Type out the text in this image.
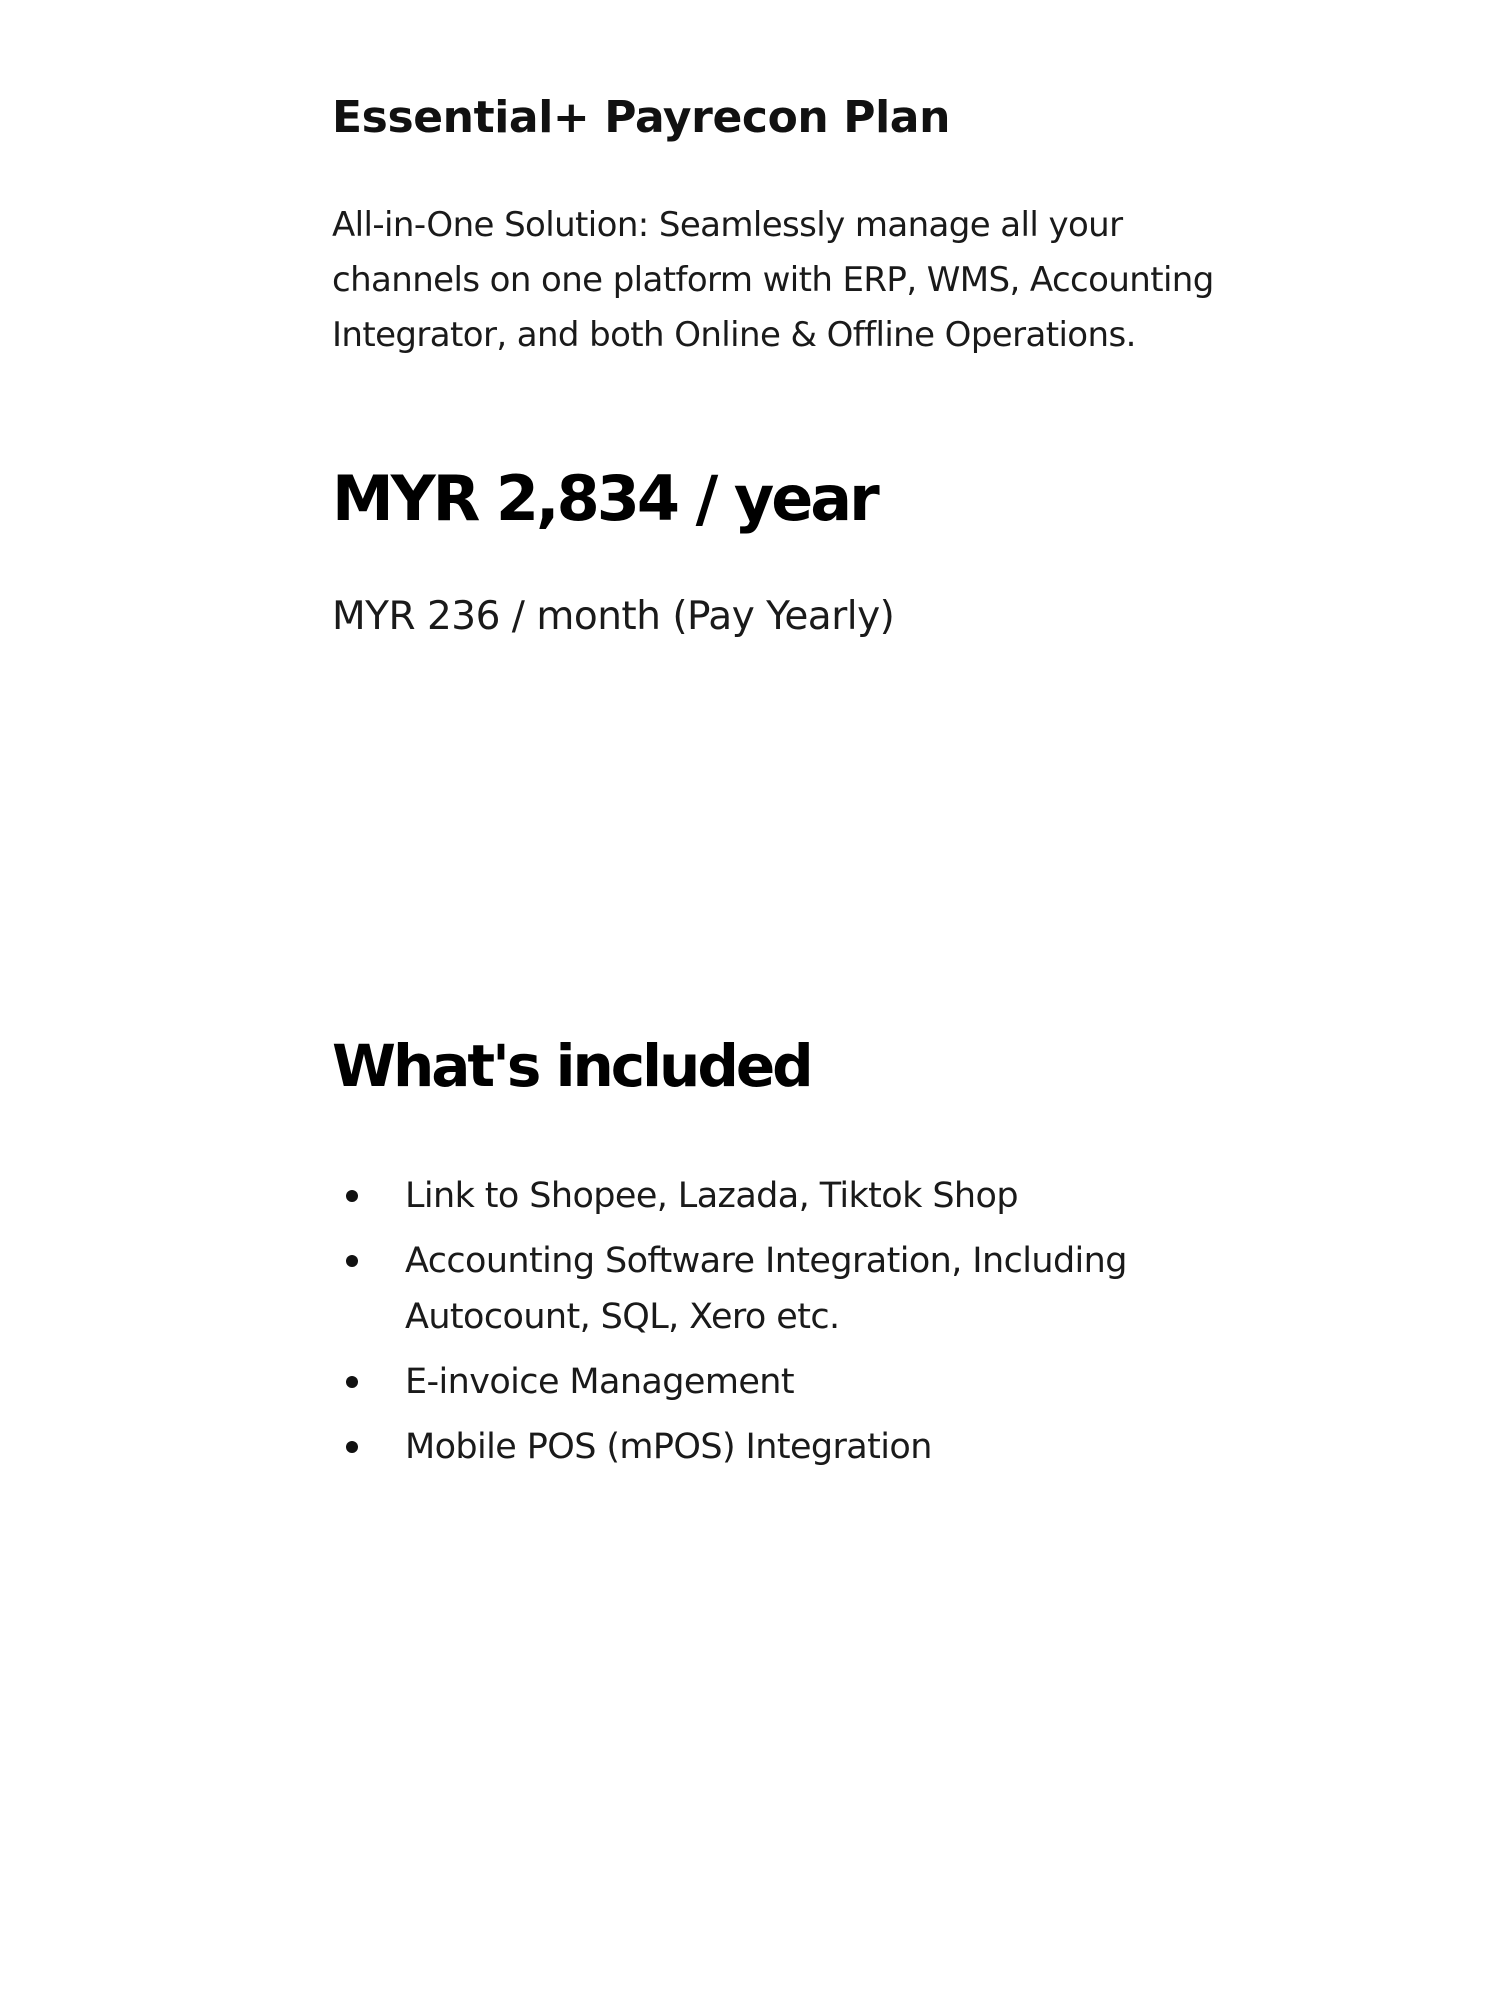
Essential+ Payrecon Plan

All-in-One Solution: Seamlessly manage all your channels on one platform with ERP, WMS, Accounting Integrator, and both Online & Offline Operations.

MYR 2,834 / year
MYR 236 / month (Pay Yearly)
What's included
Link to Shopee, Lazada, Tiktok Shop
Accounting Software Integration, Including Autocount, SQL, Xero etc.
E-invoice Management
Mobile POS (mPOS) Integration
